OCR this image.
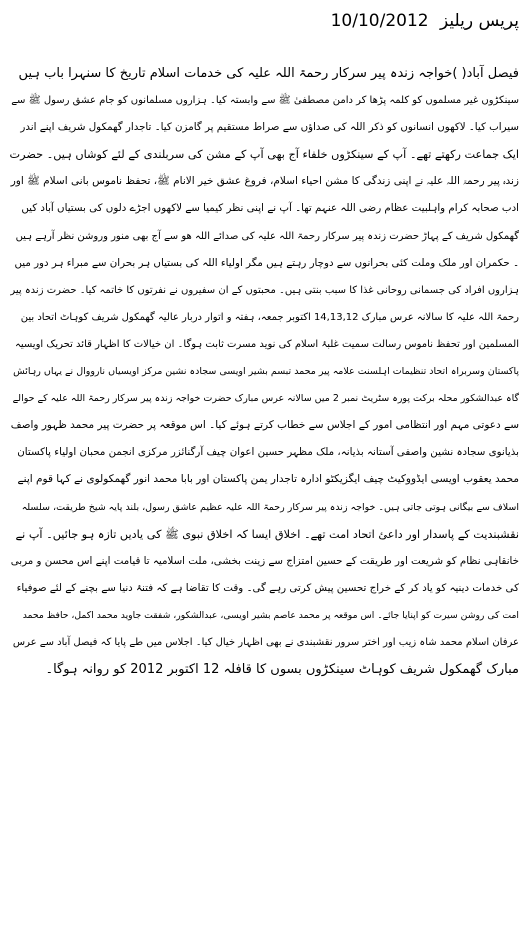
پریس ریلیز 10/10/2012
فیصل آباد( )خواجہ زندہ پیر سرکار رحمۃ اللہ علیہ کی خدمات اسلام تاریخ کا سنہرا باب ہیں
سینکڑوں غیر مسلموں کو کلمہ پڑھا کر دامن مصطفیٰ ﷺ سے وابستہ کیا۔ ہزاروں مسلمانوں کو جام عشق رسول ﷺ سے
سیراب کیا۔ لاکھوں انسانوں کو ذکر اللہ کی صداؤں سے صراط مستقیم پر گامزن کیا۔ تاجدار گھمکول شریف اپنے اندر
ایک جماعت رکھتے تھے۔ آپ کے سینکڑوں خلفاء آج بھی آپ کے مشن کی سربلندی کے لئے کوشاں ہیں۔ حضرت
زندہ پیر رحمۃ اللہ علیہ نے اپنی زندگی کا مشن احیاء اسلام، فروغ عشق خیر الانام ﷺ، تحفظ ناموس بانی اسلام ﷺ اور
ادب صحابہ کرام واہلبیت عظام رضی اللہ عنہم تھا۔ آپ نے اپنی نظر کیمیا سے لاکھوں اجڑے دلوں کی بستیاں آباد کیں
گھمکول شریف کے پہاڑ حضرت زندہ پیر سرکار رحمۃ اللہ علیہ کی صدائے اللہ ھو سے آج بھی منور وروشن نظر آرہے ہیں
۔ حکمران اور ملک وملت کئی بحرانوں سے دوچار رہتے ہیں مگر اولیاء اللہ کی بستیاں ہر بحران سے مبراء ہر دور میں
ہزاروں افراد کی جسمانی روحانی غذا کا سبب بنتی ہیں۔ محبتوں کے ان سفیروں نے نفرتوں کا خاتمہ کیا۔ حضرت زندہ پیر
رحمۃ اللہ علیہ کا سالانہ عرس مبارک 14,13,12 اکتوبر جمعہ، ہفتہ و اتوار دربار عالیہ گھمکول شریف کوہاٹ اتحاد بین
المسلمین اور تحفظ ناموس رسالت سمیت غلبۂ اسلام کی نوید مسرت ثابت ہوگا۔ ان خیالات کا اظہار قائد تحریک اویسیہ
پاکستان وسربراہ اتحاد تنظیمات اہلسنت علامہ پیر محمد تبسم بشیر اویسی سجادہ نشین مرکز اویسیاں نارووال نے یہاں رہائش
گاہ عبدالشکور محلہ برکت پورہ سٹریٹ نمبر 2 میں سالانہ عرس مبارک حضرت خواجہ زندہ پیر سرکار رحمۃ اللہ علیہ کے حوالے
سے دعوتی مہم اور انتظامی امور کے اجلاس سے خطاب کرتے ہوئے کیا۔ اس موقعہ پر حضرت پیر محمد ظہور واصف
بذیانوی سجادہ نشین واصفی آستانہ بذیانہ، ملک مظہر حسین اعوان چیف آرگنائزر مرکزی انجمن محبان اولیاء پاکستان
محمد یعقوب اویسی ایڈووکیٹ چیف ایگزیکٹو ادارہ تاجدار یمن پاکستان اور بابا محمد انور گھمکولوی نے کہا قوم اپنے
اسلاف سے بیگانی ہوتی جاتی ہیں۔ خواجہ زندہ پیر سرکار رحمۃ اللہ علیہ عظیم عاشق رسول، بلند پایہ شیخ طریقت، سلسلہ
نقشبندیت کے پاسدار اور داعیٔ اتحاد امت تھے۔ اخلاق ایسا کہ اخلاق نبوی ﷺ کی یادیں تازہ ہو جائیں۔ آپ نے
خانقاہی نظام کو شریعت اور طریقت کے حسین امتزاج سے زینت بخشی، ملت اسلامیہ تا قیامت اپنے اس محسن و مربی
کی خدمات دینیہ کو یاد کر کے خراج تحسین پیش کرتی رہے گی۔ وقت کا تقاضا ہے کہ فتنۂ دنیا سے بچنے کے لئے صوفیاء
امت کی روشن سیرت کو اپنایا جائے۔ اس موقعہ پر محمد عاصم بشیر اویسی، عبدالشکور، شفقت جاوید محمد اکمل، حافظ محمد
عرفان اسلام محمد شاہ زیب اور اختر سرور نقشبندی نے بھی اظہار خیال کیا۔ اجلاس میں طے پایا کہ فیصل آباد سے عرس
مبارک گھمکول شریف کوہاٹ سینکڑوں بسوں کا قافلہ 12 اکتوبر 2012 کو روانہ ہوگا۔
